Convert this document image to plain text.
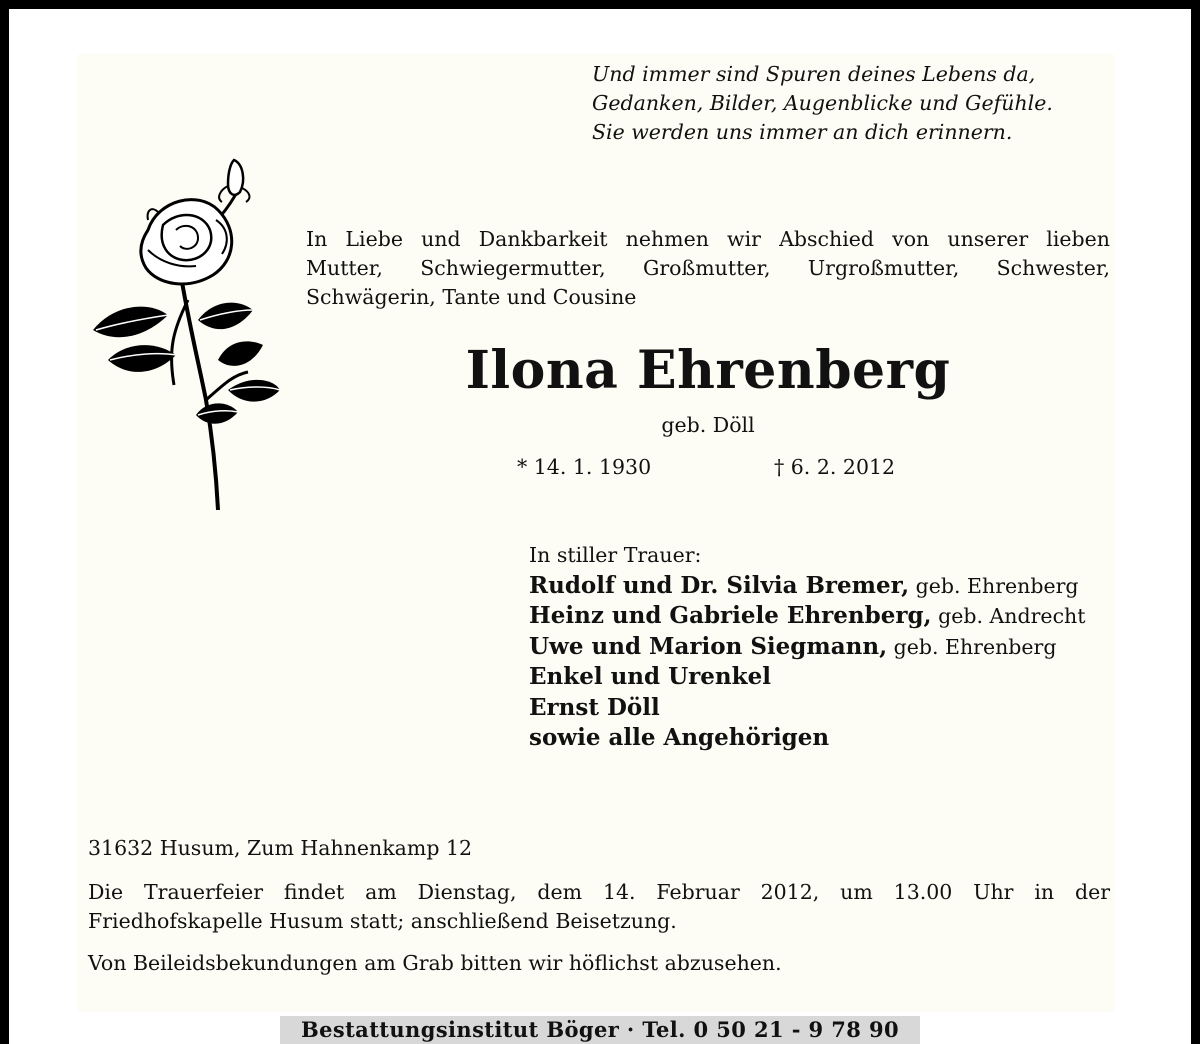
Und immer sind Spuren deines Lebens da,
Gedanken, Bilder, Augenblicke und Gefühle.
Sie werden uns immer an dich erinnern.
In Liebe und Dankbarkeit nehmen wir Abschied von unserer lieben
Mutter, Schwiegermutter, Großmutter, Urgroßmutter, Schwester,
Schwägerin, Tante und Cousine
Ilona Ehrenberg
geb. Döll
* 14. 1. 1930	† 6. 2. 2012
In stiller Trauer:
Rudolf und Dr. Silvia Bremer, geb. Ehrenberg
Heinz und Gabriele Ehrenberg, geb. Andrecht
Uwe und Marion Siegmann, geb. Ehrenberg
Enkel und Urenkel
Ernst Döll
sowie alle Angehörigen
31632 Husum, Zum Hahnenkamp 12
Die Trauerfeier findet am Dienstag, dem 14. Februar 2012, um 13.00 Uhr in der
Friedhofskapelle Husum statt; anschließend Beisetzung.
Von Beileidsbekundungen am Grab bitten wir höflichst abzusehen.
Bestattungsinstitut Böger · Tel. 0 50 21 - 9 78 90
